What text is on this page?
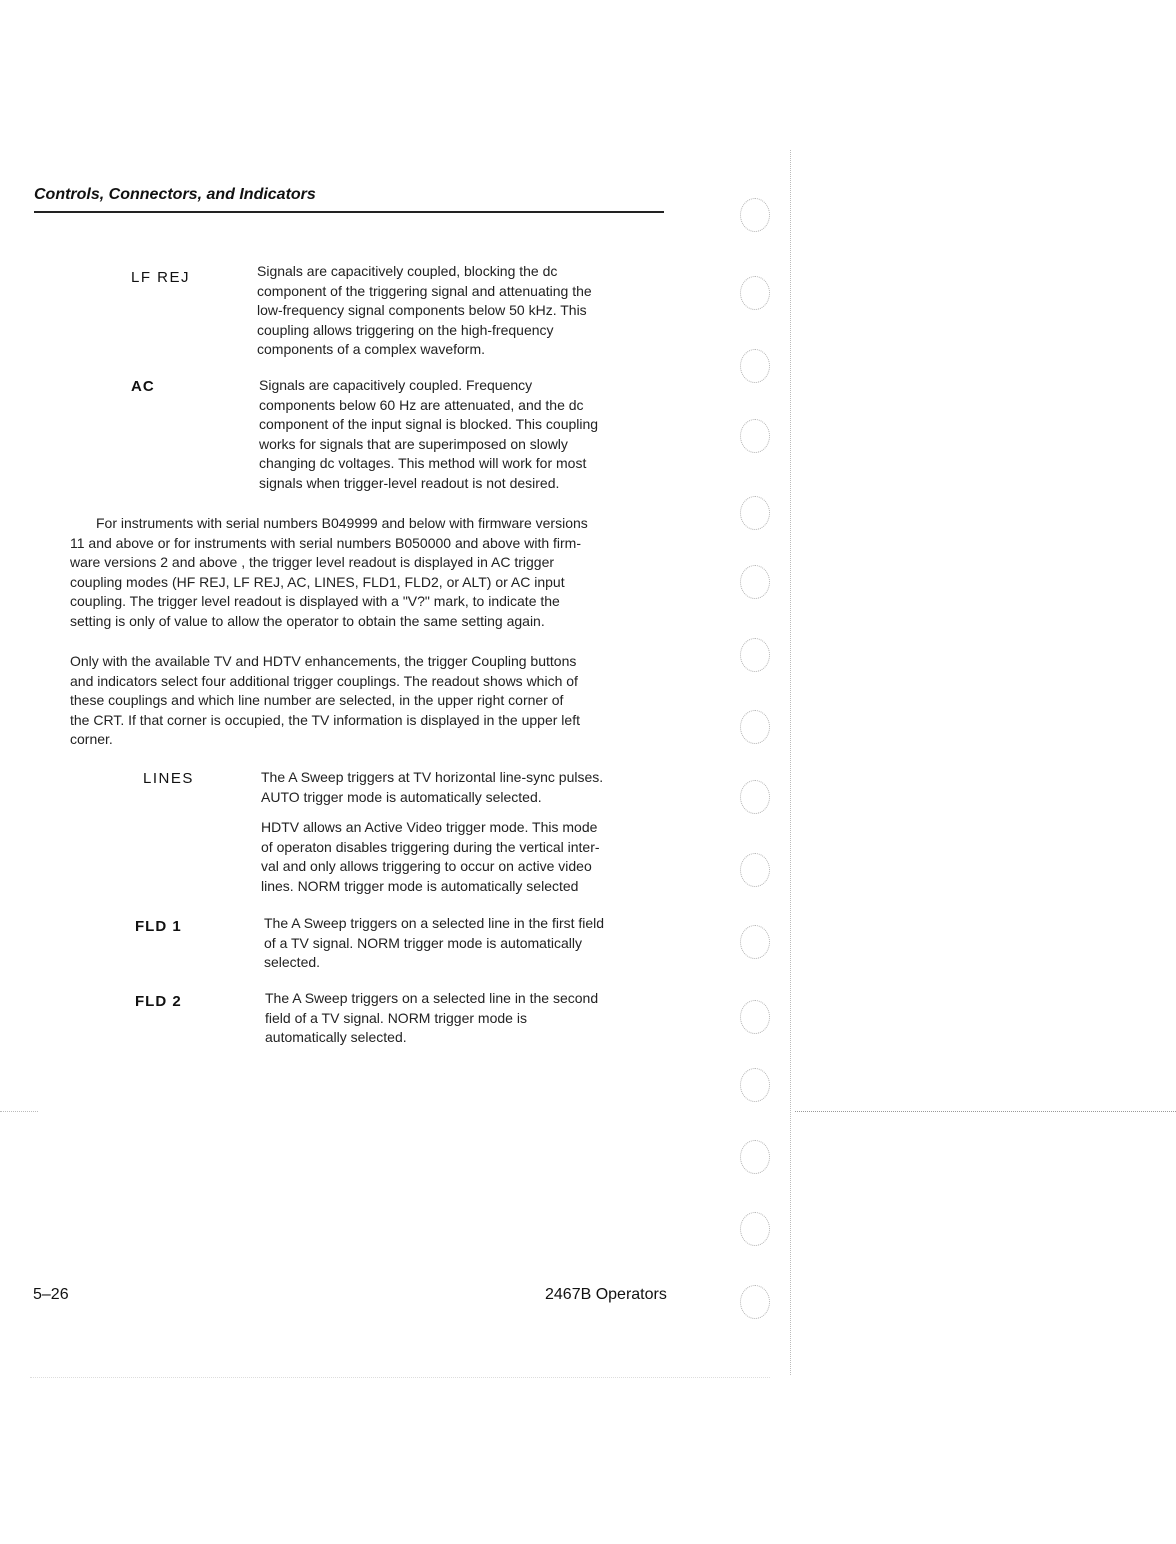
Controls, Connectors, and Indicators
LF REJ	Signals are capacitively coupled, blocking the dc
component of the triggering signal and attenuating the
low-frequency signal components below 50 kHz. This
coupling allows triggering on the high-frequency
components of a complex waveform.
AC	Signals are capacitively coupled. Frequency
components below 60 Hz are attenuated, and the dc
component of the input signal is blocked. This coupling
works for signals that are superimposed on slowly
changing dc voltages. This method will work for most
signals when trigger-level readout is not desired.
For instruments with serial numbers B049999 and below with firmware versions
11 and above or for instruments with serial numbers B050000 and above with firm-
ware versions 2 and above , the trigger level readout is displayed in AC trigger
coupling modes (HF REJ, LF REJ, AC, LINES, FLD1, FLD2, or ALT) or AC input
coupling. The trigger level readout is displayed with a "V?" mark, to indicate the
setting is only of value to allow the operator to obtain the same setting again.
Only with the available TV and HDTV enhancements, the trigger Coupling buttons
and indicators select four additional trigger couplings. The readout shows which of
these couplings and which line number are selected, in the upper right corner of
the CRT. If that corner is occupied, the TV information is displayed in the upper left
corner.
LINES	The A Sweep triggers at TV horizontal line-sync pulses.
AUTO trigger mode is automatically selected.
HDTV allows an Active Video trigger mode. This mode
of operaton disables triggering during the vertical inter-
val and only allows triggering to occur on active video
lines. NORM trigger mode is automatically selected
FLD 1	The A Sweep triggers on a selected line in the first field
of a TV signal. NORM trigger mode is automatically
selected.
FLD 2	The A Sweep triggers on a selected line in the second
field of a TV signal. NORM trigger mode is
automatically selected.
5–26	2467B Operators
